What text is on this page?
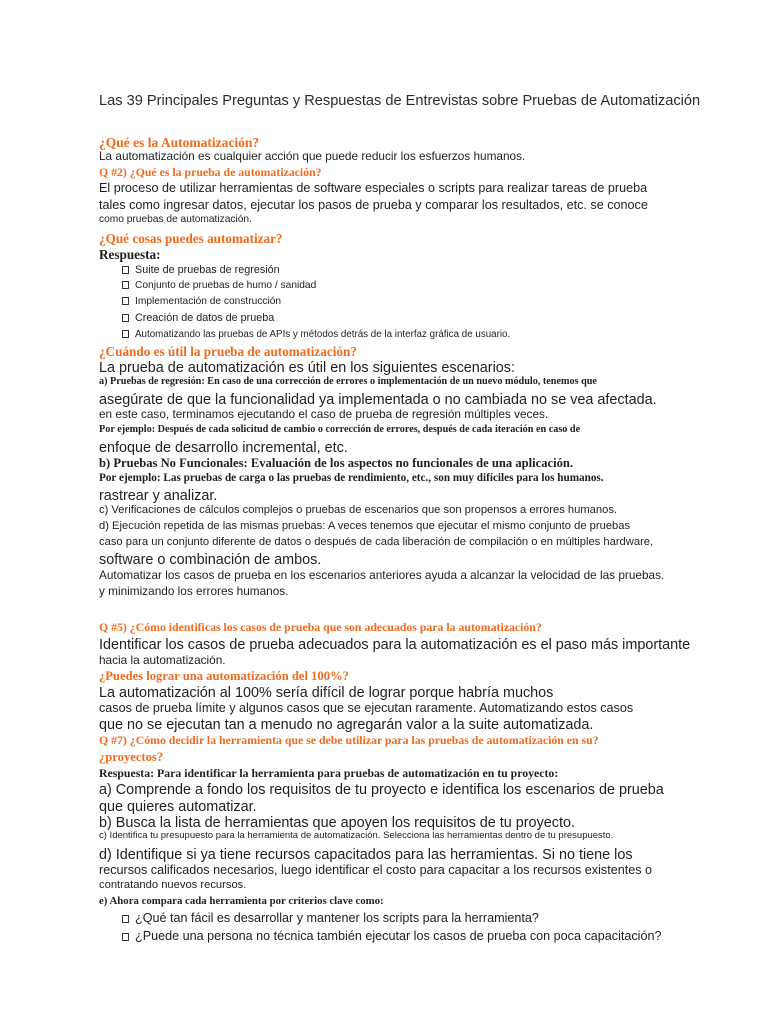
Las 39 Principales Preguntas y Respuestas de Entrevistas sobre Pruebas de Automatización
¿Qué es la Automatización?
La automatización es cualquier acción que puede reducir los esfuerzos humanos.
Q #2) ¿Qué es la prueba de automatización?
El proceso de utilizar herramientas de software especiales o scripts para realizar tareas de prueba
tales como ingresar datos, ejecutar los pasos de prueba y comparar los resultados, etc. se conoce
como pruebas de automatización.
¿Qué cosas puedes automatizar?
Respuesta:
Suite de pruebas de regresión
Conjunto de pruebas de humo / sanidad
Implementación de construcción
Creación de datos de prueba
Automatizando las pruebas de APIs y métodos detrás de la interfaz gráfica de usuario.
¿Cuándo es útil la prueba de automatización?
La prueba de automatización es útil en los siguientes escenarios:
a) Pruebas de regresión: En caso de una corrección de errores o implementación de un nuevo módulo, tenemos que
asegúrate de que la funcionalidad ya implementada o no cambiada no se vea afectada.
en este caso, terminamos ejecutando el caso de prueba de regresión múltiples veces.
Por ejemplo: Después de cada solicitud de cambio o corrección de errores, después de cada iteración en caso de
enfoque de desarrollo incremental, etc.
b) Pruebas No Funcionales: Evaluación de los aspectos no funcionales de una aplicación.
Por ejemplo: Las pruebas de carga o las pruebas de rendimiento, etc., son muy difíciles para los humanos.
rastrear y analizar.
c) Verificaciones de cálculos complejos o pruebas de escenarios que son propensos a errores humanos.
d) Ejecución repetida de las mismas pruebas: A veces tenemos que ejecutar el mismo conjunto de pruebas
caso para un conjunto diferente de datos o después de cada liberación de compilación o en múltiples hardware,
software o combinación de ambos.
Automatizar los casos de prueba en los escenarios anteriores ayuda a alcanzar la velocidad de las pruebas.
y minimizando los errores humanos.
Q #5) ¿Cómo identificas los casos de prueba que son adecuados para la automatización?
Identificar los casos de prueba adecuados para la automatización es el paso más importante
hacia la automatización.
¿Puedes lograr una automatización del 100%?
La automatización al 100% sería difícil de lograr porque habría muchos
casos de prueba límite y algunos casos que se ejecutan raramente. Automatizando estos casos
que no se ejecutan tan a menudo no agregarán valor a la suite automatizada.
Q #7) ¿Cómo decidir la herramienta que se debe utilizar para las pruebas de automatización en su?
¿proyectos?
Respuesta: Para identificar la herramienta para pruebas de automatización en tu proyecto:
a) Comprende a fondo los requisitos de tu proyecto e identifica los escenarios de prueba
que quieres automatizar.
b) Busca la lista de herramientas que apoyen los requisitos de tu proyecto.
c) Identifica tu presupuesto para la herramienta de automatización. Selecciona las herramientas dentro de tu presupuesto.
d) Identifique si ya tiene recursos capacitados para las herramientas. Si no tiene los
recursos calificados necesarios, luego identificar el costo para capacitar a los recursos existentes o
contratando nuevos recursos.
e) Ahora compara cada herramienta por criterios clave como:
¿Qué tan fácil es desarrollar y mantener los scripts para la herramienta?
¿Puede una persona no técnica también ejecutar los casos de prueba con poca capacitación?
